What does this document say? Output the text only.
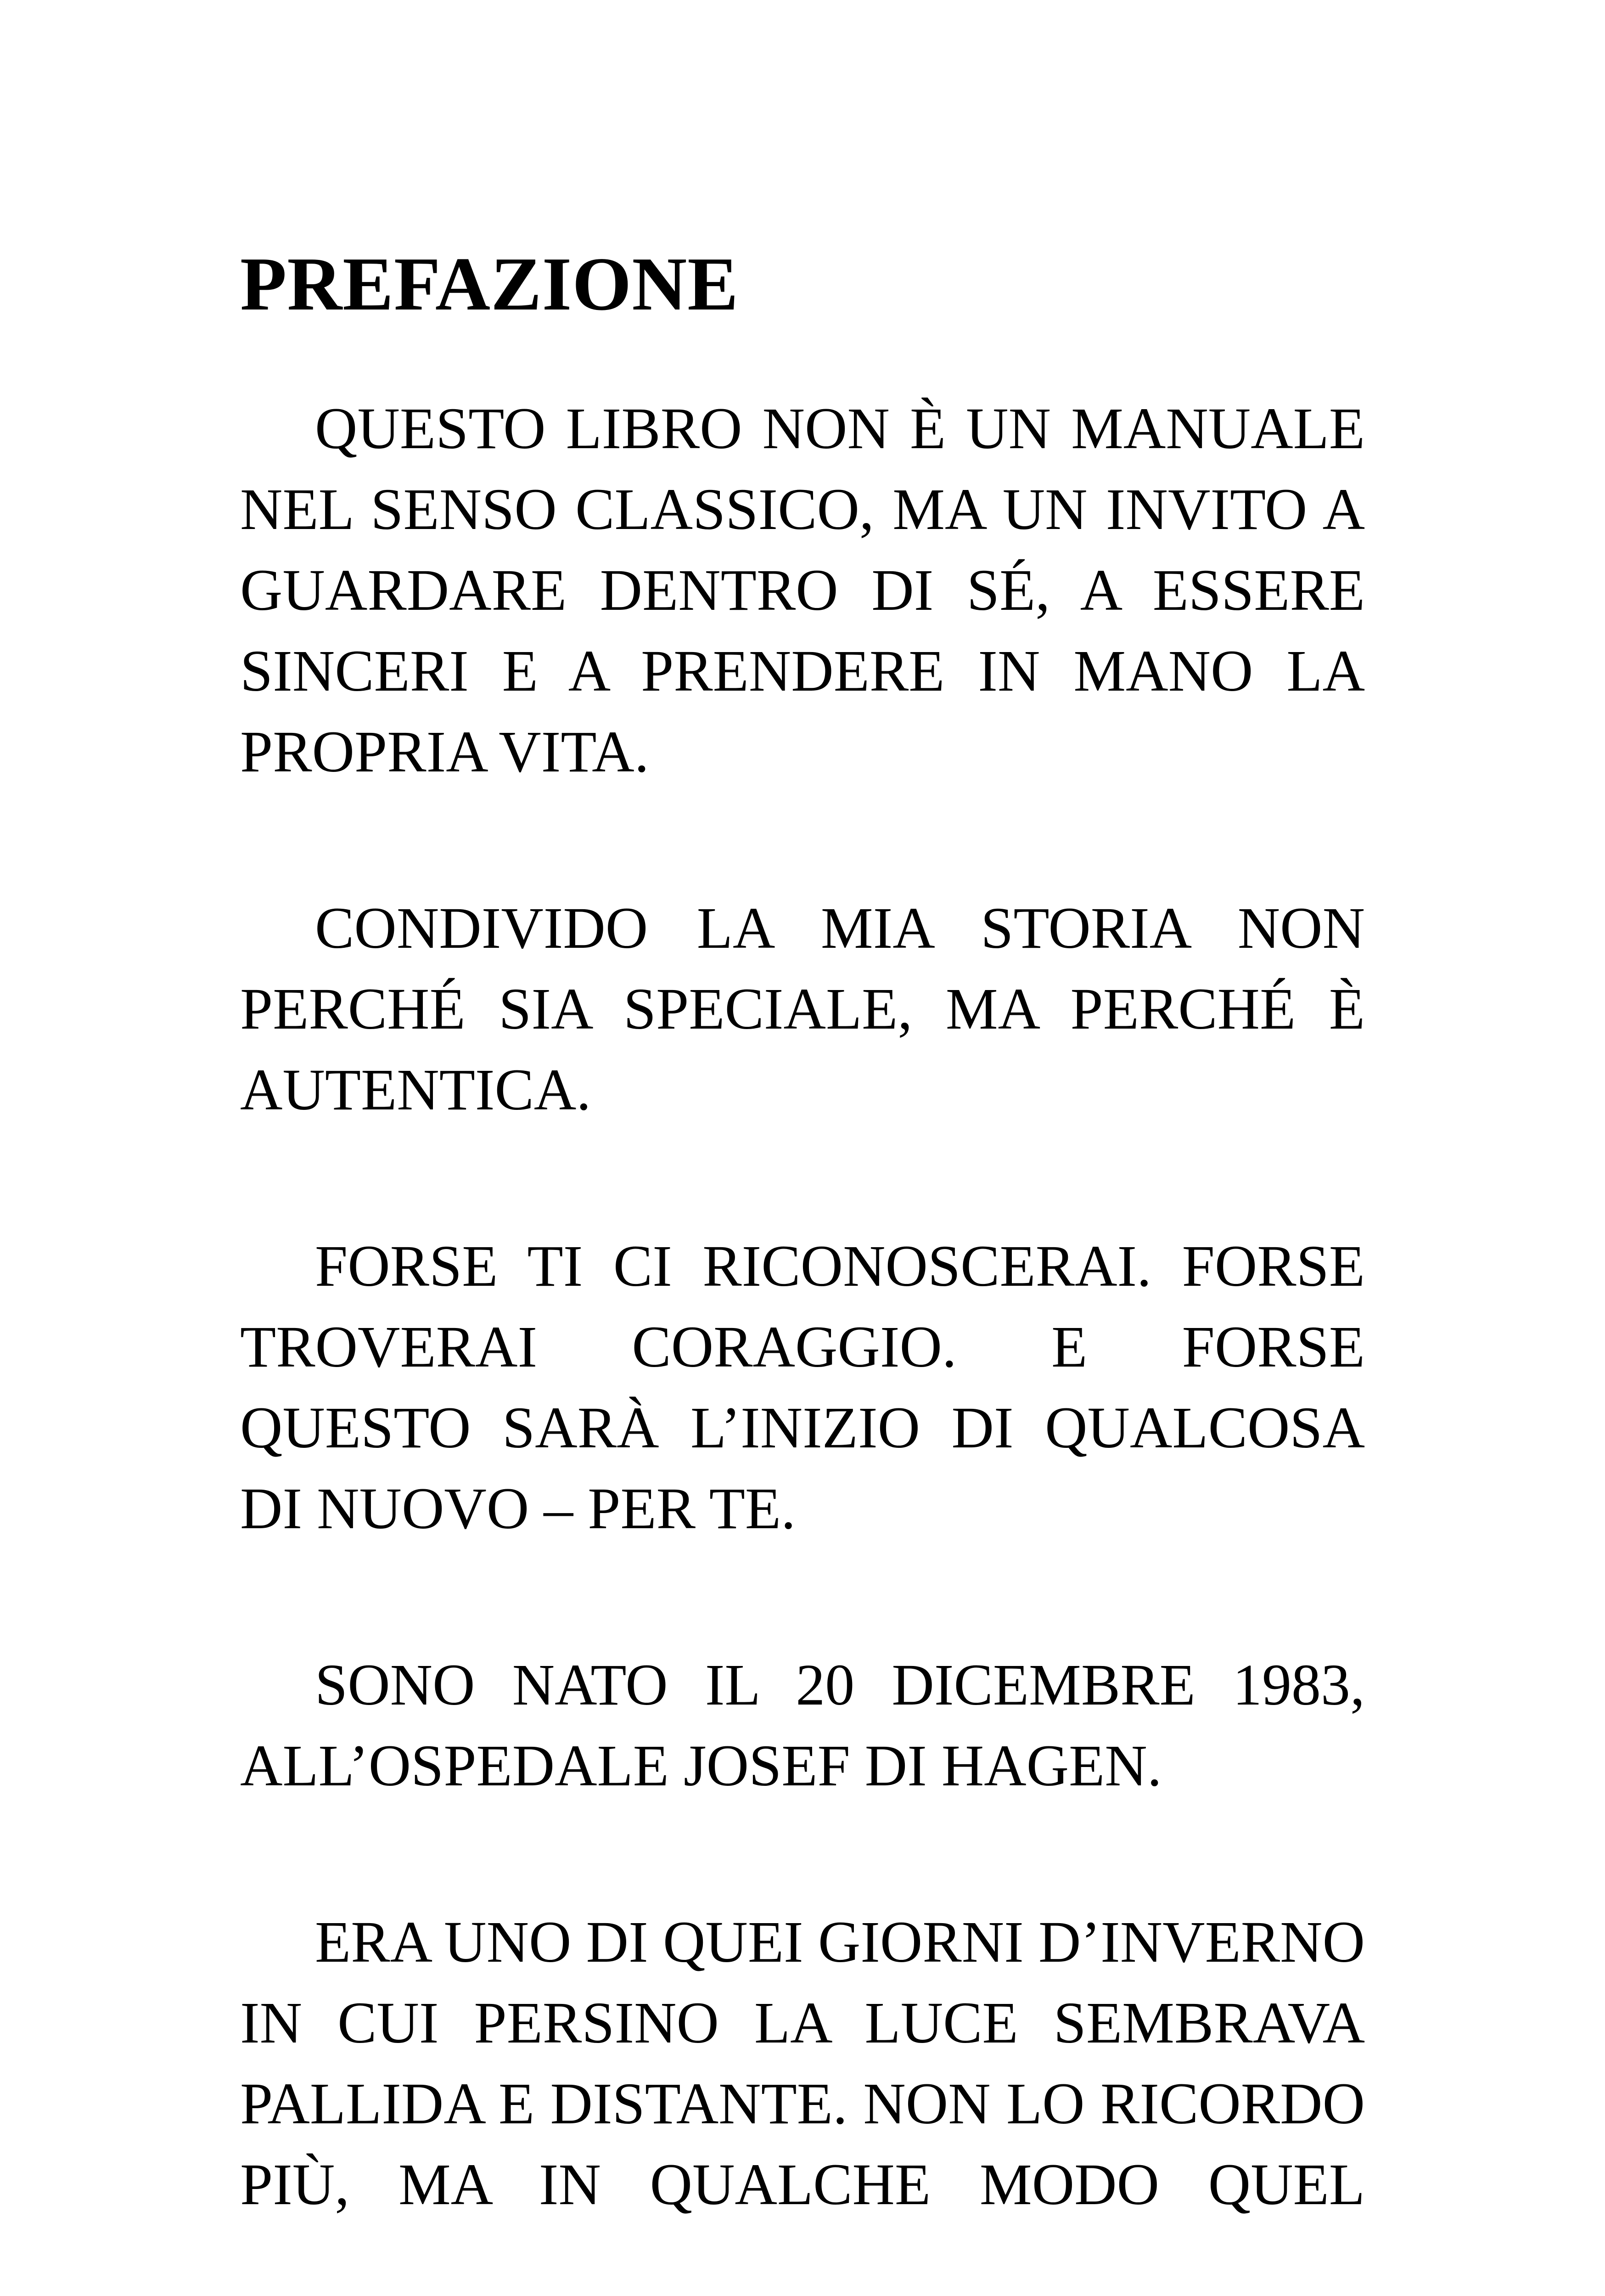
PREFAZIONE

QUESTO LIBRO NON È UN MANUALE NEL SENSO CLASSICO, MA UN INVITO A GUARDARE DENTRO DI SÉ, A ESSERE SINCERI E A PRENDERE IN MANO LA PROPRIA VITA.

CONDIVIDO LA MIA STORIA NON PERCHÉ SIA SPECIALE, MA PERCHÉ È AUTENTICA.

FORSE TI CI RICONOSCERAI. FORSE TROVERAI CORAGGIO. E FORSE QUESTO SARÀ L’INIZIO DI QUALCOSA DI NUOVO – PER TE.

SONO NATO IL 20 DICEMBRE 1983, ALL’OSPEDALE JOSEF DI HAGEN.

ERA UNO DI QUEI GIORNI D’INVERNO IN CUI PERSINO LA LUCE SEMBRAVA PALLIDA E DISTANTE. NON LO RICORDO PIÙ, MA IN QUALCHE MODO QUEL
